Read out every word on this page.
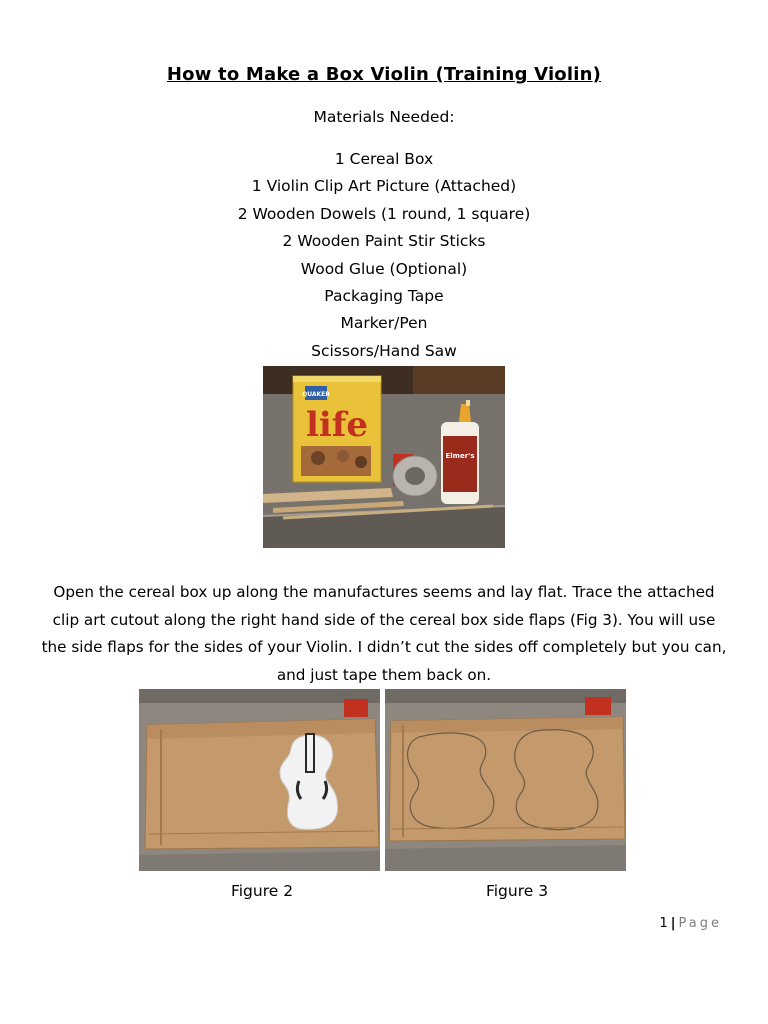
How to Make a Box Violin (Training Violin)
Materials Needed:
1 Cereal Box
1 Violin Clip Art Picture (Attached)
2 Wooden Dowels (1 round, 1 square)
2 Wooden Paint Stir Sticks
Wood Glue (Optional)
Packaging Tape
Marker/Pen
Scissors/Hand Saw
QUAKER
life
Elmer's
Open the cereal box up along the manufactures seems and lay flat. Trace the attached clip art cutout along the right hand side of the cereal box side flaps (Fig 3). You will use the side flaps for the sides of your Violin. I didn’t cut the sides off completely but you can, and just tape them back on.
Figure 2	Figure 3
1 | Page
